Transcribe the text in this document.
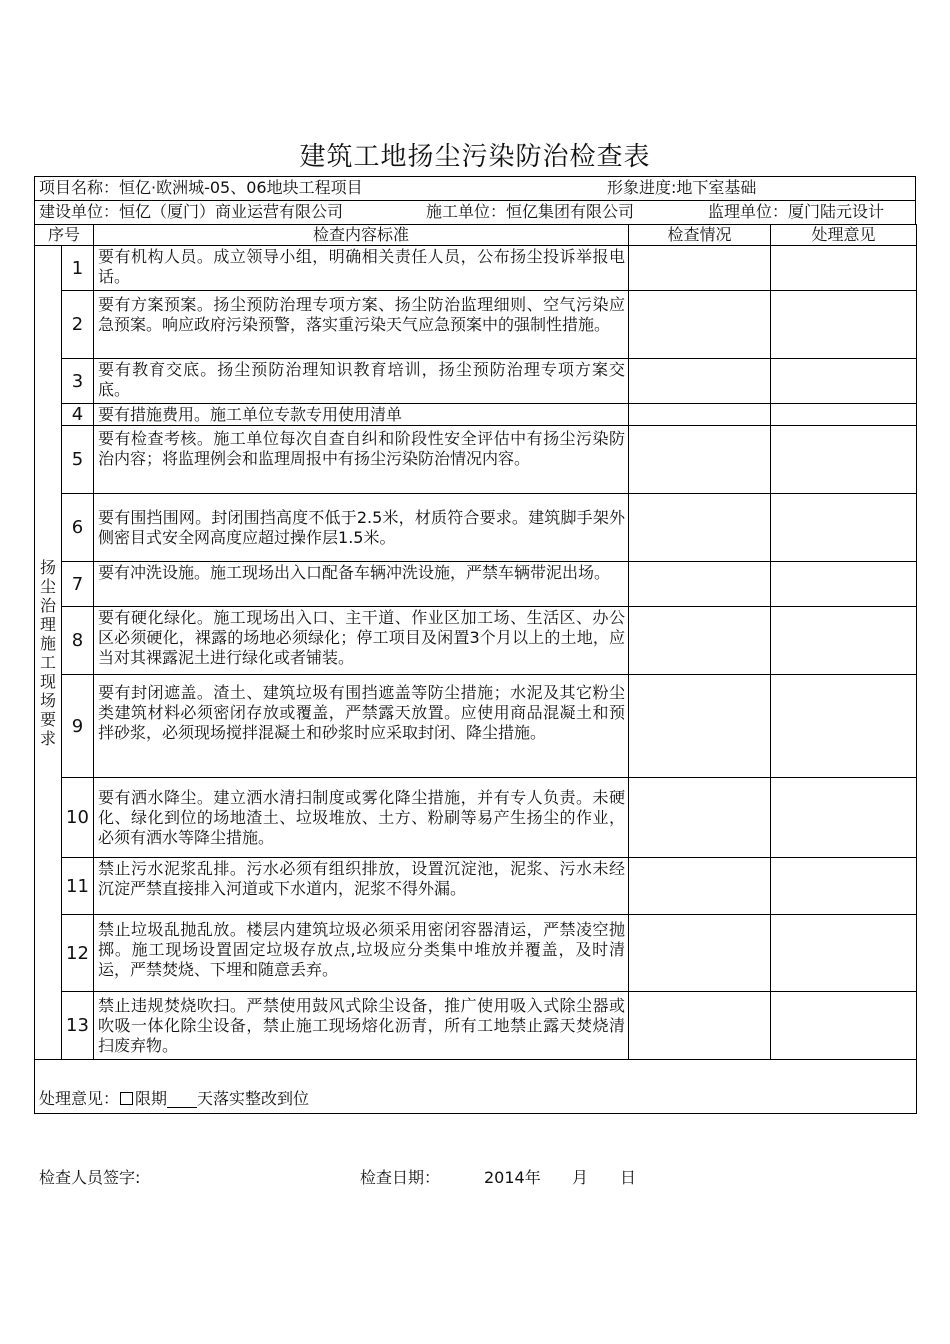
建筑工地扬尘污染防治检查表
项目名称：恒亿·欧洲城-05、06地块工程项目	形象进度:地下室基础
建设单位：恒亿（厦门）商业运营有限公司	施工单位：恒亿集团有限公司	监理单位：厦门陆元设计
序号		检查内容标准	检查情况	处理意见

扬尘治理施工现场要求	1	要有机构人员。成立领导小组，明确相关责任人员，公布扬尘投诉举报电话。		
	2	要有方案预案。扬尘预防治理专项方案、扬尘防治监理细则、空气污染应急预案。响应政府污染预警，落实重污染天气应急预案中的强制性措施。		
	3	要有教育交底。扬尘预防治理知识教育培训，扬尘预防治理专项方案交底。		
	4	要有措施费用。施工单位专款专用使用清单		
	5	要有检查考核。施工单位每次自查自纠和阶段性安全评估中有扬尘污染防治内容；将监理例会和监理周报中有扬尘污染防治情况内容。		
	6	要有围挡围网。封闭围挡高度不低于2.5米，材质符合要求。建筑脚手架外侧密目式安全网高度应超过操作层1.5米。		
	7	要有冲洗设施。施工现场出入口配备车辆冲洗设施，严禁车辆带泥出场。		
	8	要有硬化绿化。施工现场出入口、主干道、作业区加工场、生活区、办公区必须硬化，裸露的场地必须绿化；停工项目及闲置3个月以上的土地，应当对其裸露泥土进行绿化或者铺装。		
	9	要有封闭遮盖。渣土、建筑垃圾有围挡遮盖等防尘措施；水泥及其它粉尘类建筑材料必须密闭存放或覆盖，严禁露天放置。应使用商品混凝土和预拌砂浆，必须现场搅拌混凝土和砂浆时应采取封闭、降尘措施。		
	10	要有洒水降尘。建立洒水清扫制度或雾化降尘措施，并有专人负责。未硬化、绿化到位的场地渣土、垃圾堆放、土方、粉刷等易产生扬尘的作业，必须有洒水等降尘措施。		
	11	禁止污水泥浆乱排。污水必须有组织排放，设置沉淀池，泥浆、污水未经沉淀严禁直接排入河道或下水道内，泥浆不得外漏。		
	12	禁止垃圾乱抛乱放。楼层内建筑垃圾必须采用密闭容器清运，严禁凌空抛掷。施工现场设置固定垃圾存放点,垃圾应分类集中堆放并覆盖，及时清运，严禁焚烧、下埋和随意丢弃。		
	13	禁止违规焚烧吹扫。严禁使用鼓风式除尘设备，推广使用吸入式除尘器或吹吸一体化除尘设备，禁止施工现场熔化沥青，所有工地禁止露天焚烧清扫废弃物。		
处理意见： 限期 天落实整改到位				
检查人员签字:	检查日期：	2014年 月 日
